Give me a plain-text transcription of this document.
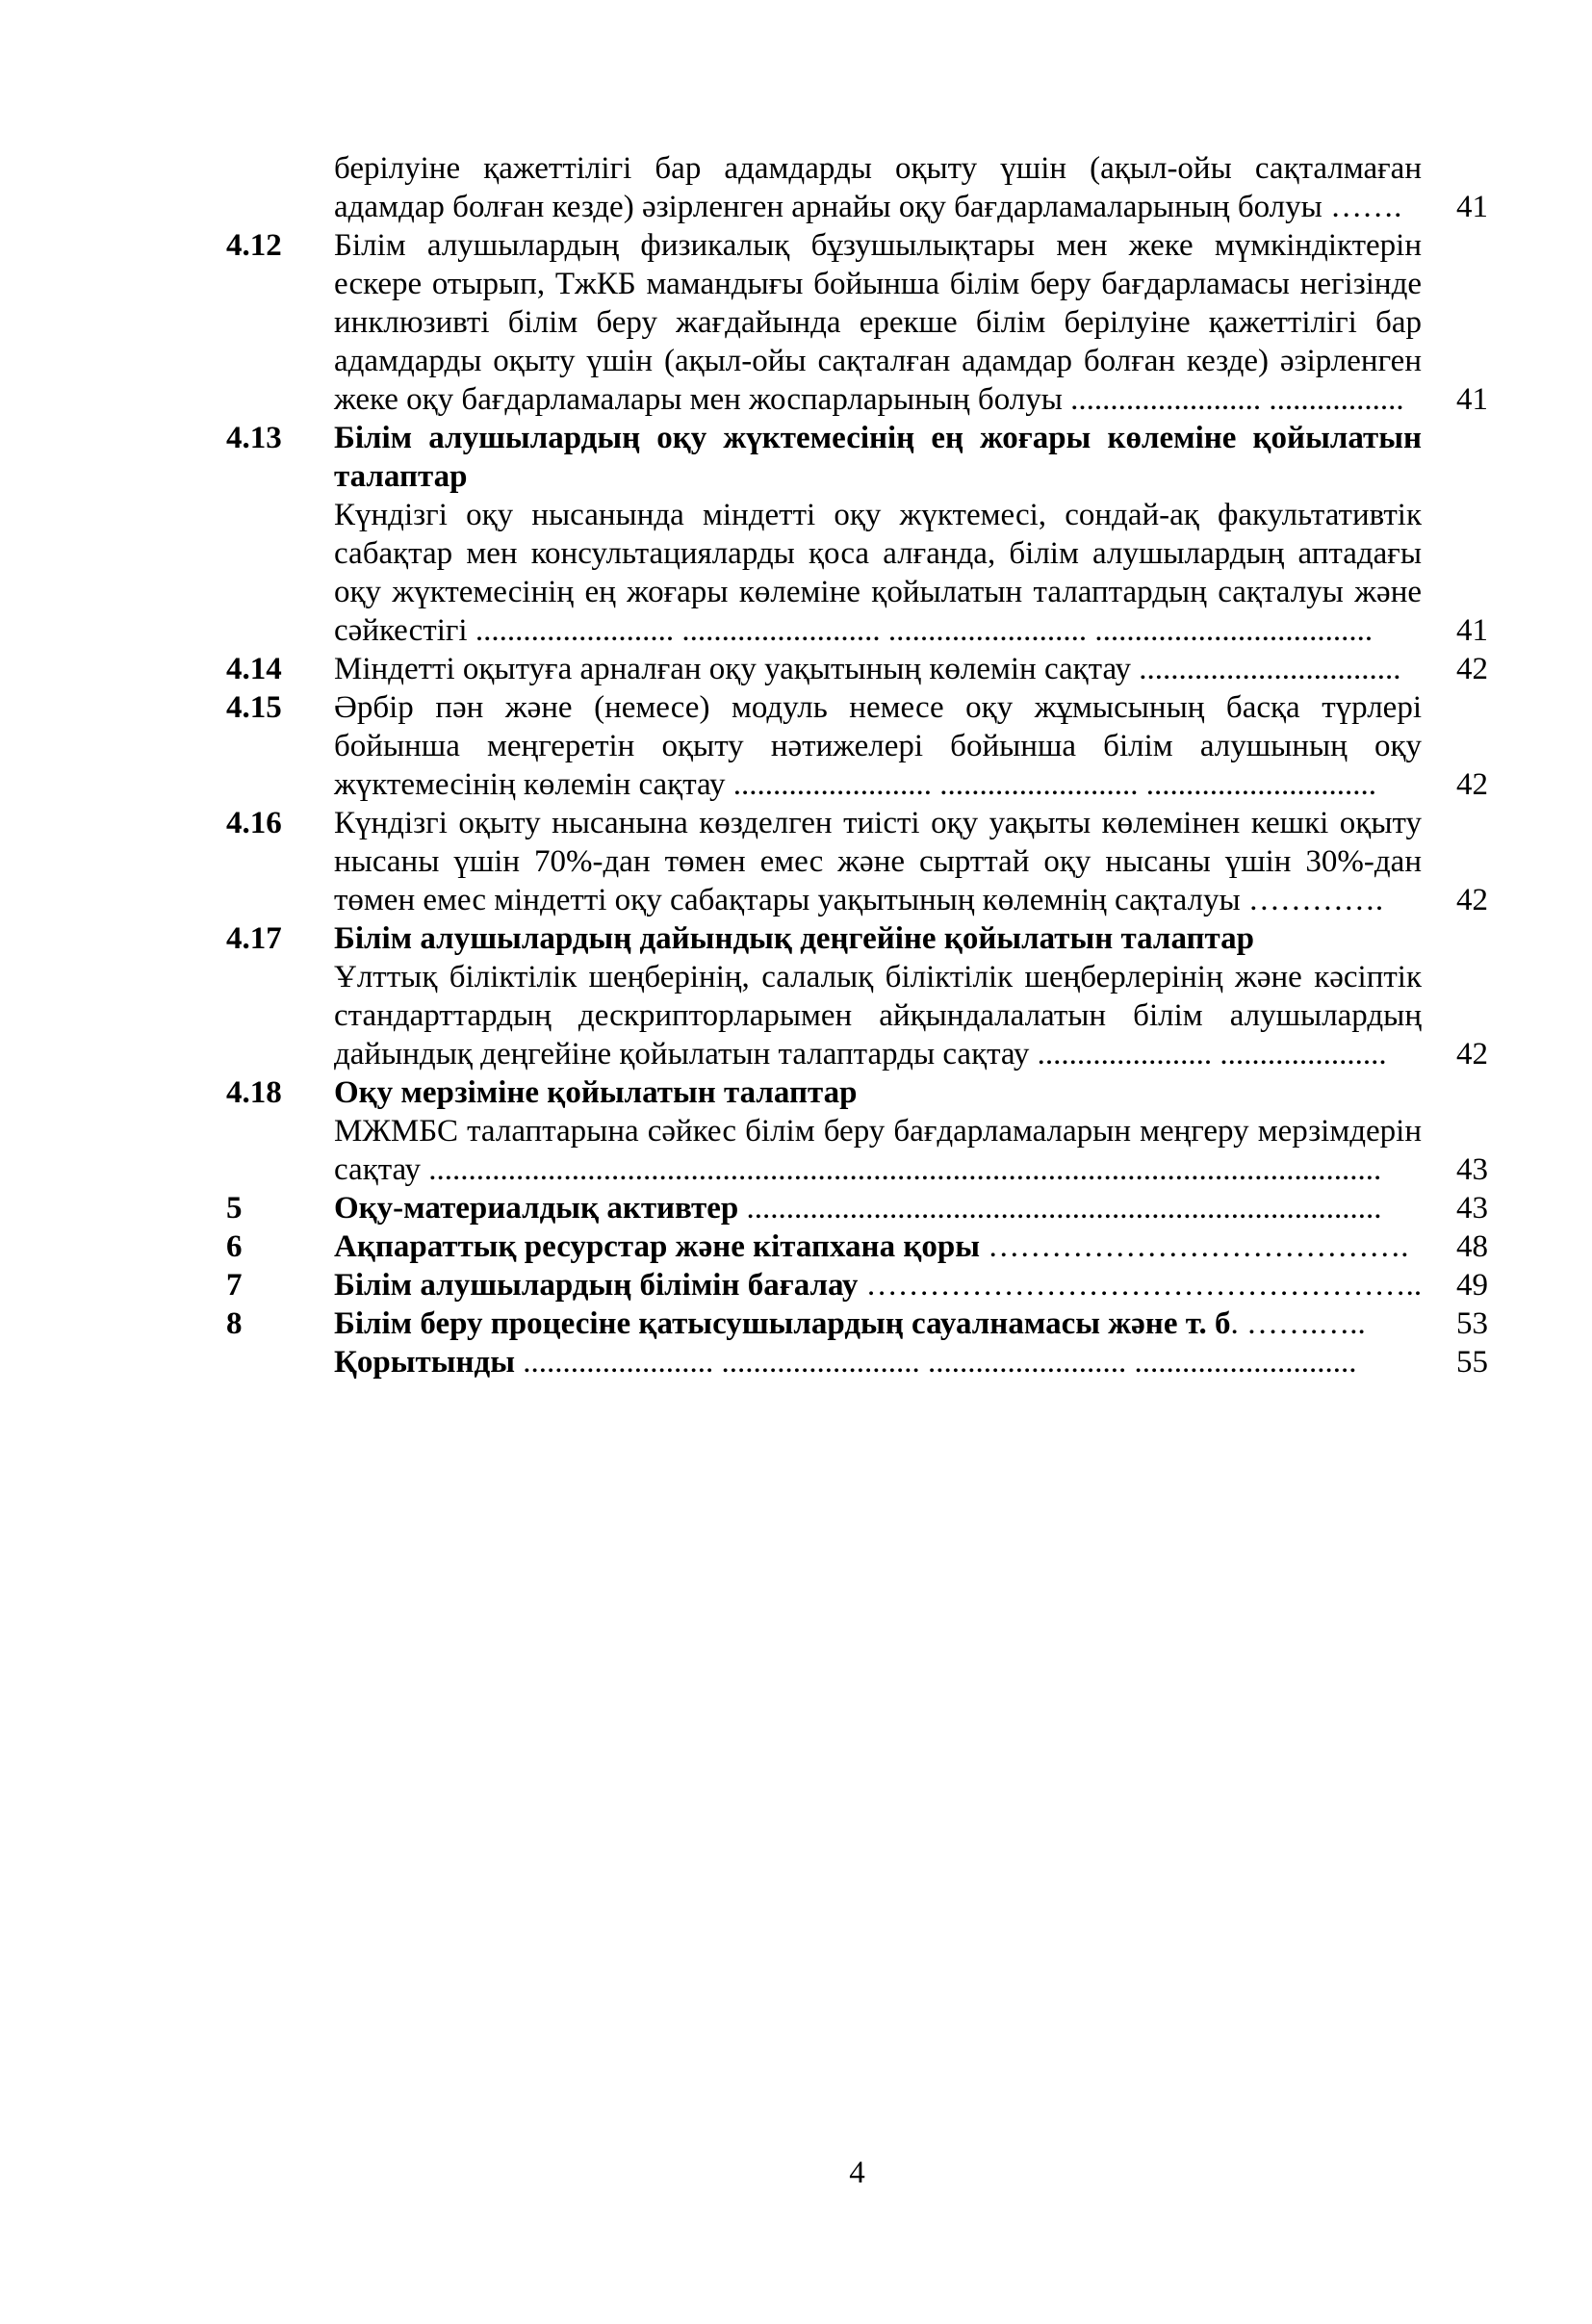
берілуіне қажеттілігі бар адамдарды оқыту үшін (ақыл-ойы сақталмаған
адамдар болған кезде) әзірленген арнайы оқу бағдарламаларының болуы …….	41
4.12	Білім алушылардың физикалық бұзушылықтары мен жеке мүмкіндіктерін
ескере отырып, ТжКБ мамандығы бойынша білім беру бағдарламасы негізінде
инклюзивті білім беру жағдайында ерекше білім берілуіне қажеттілігі бар
адамдарды оқыту үшін (ақыл-ойы сақталған адамдар болған кезде) әзірленген
жеке оқу бағдарламалары мен жоспарларының болуы ........................ .................	41
4.13	Білім алушылардың оқу жүктемесінің ең жоғары көлеміне қойылатын
талаптар
Күндізгі оқу нысанында міндетті оқу жүктемесі, сондай-ақ факультативтік
сабақтар мен консультацияларды қоса алғанда, білім алушылардың аптадағы
оқу жүктемесінің ең жоғары көлеміне қойылатын талаптардың сақталуы және
сәйкестігі ......................... ......................... ......................... ...................................	41
4.14	Міндетті оқытуға арналған оқу уақытының көлемін сақтау .................................	42
4.15	Әрбір пән және (немесе) модуль немесе оқу жұмысының басқа түрлері
бойынша меңгеретін оқыту нәтижелері бойынша білім алушының оқу
жүктемесінің көлемін сақтау ......................... ......................... .............................	42
4.16	Күндізгі оқыту нысанына көзделген тиісті оқу уақыты көлемінен кешкі оқыту
нысаны үшін 70%-дан төмен емес және сырттай оқу нысаны үшін 30%-дан
төмен емес міндетті оқу сабақтары уақытының көлемнің сақталуы ………….	42
4.17	Білім алушылардың дайындық деңгейіне қойылатын талаптар
Ұлттық біліктілік шеңберінің, салалық біліктілік шеңберлерінің және кәсіптік
стандарттардың дескрипторларымен айқындалалатын білім алушылардың
дайындық деңгейіне қойылатын талаптарды сақтау ...................... .....................	42
4.18	Оқу мерзіміне қойылатын талаптар
МЖМБС талаптарына сәйкес білім беру бағдарламаларын меңгеру мерзімдерін
сақтау ........................................................................................................................	43
5	Оқу-материалдық активтер ................................................................................	43
6	Ақпараттық ресурстар және кітапхана қоры ………………………………….	48
7	Білім алушылардың білімін бағалау ……………………………………………..	49
8	Білім беру процесіне қатысушылардың сауалнамасы және т. б. …….…..	53
Қорытынды ........................ ......................... ......................... ............................	55
4
